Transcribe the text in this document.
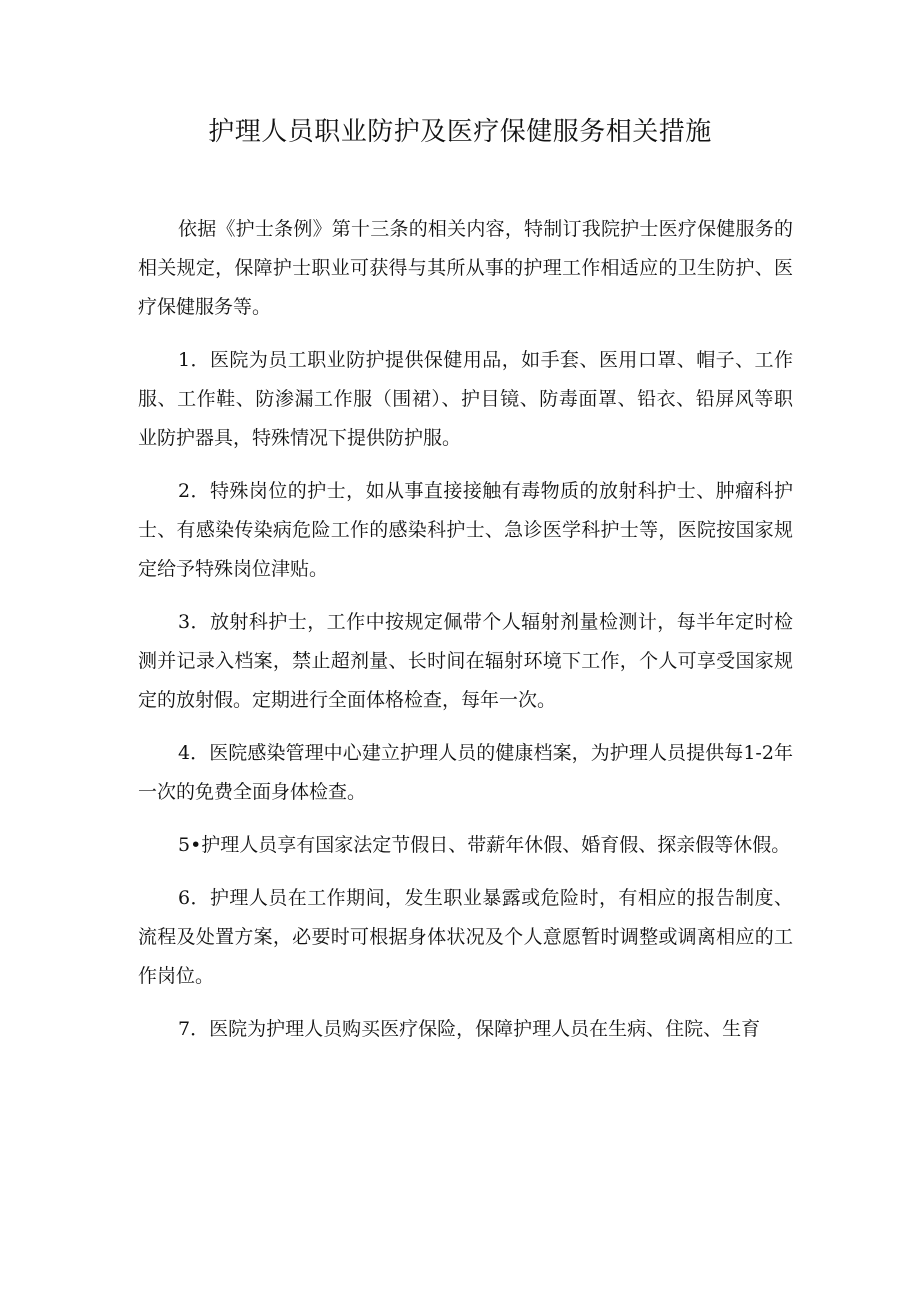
护理人员职业防护及医疗保健服务相关措施

依据《护士条例》第十三条的相关内容，特制订我院护士医疗保健服务的相关规定，保障护士职业可获得与其所从事的护理工作相适应的卫生防护、医疗保健服务等。

1．医院为员工职业防护提供保健用品，如手套、医用口罩、帽子、工作服、工作鞋、防渗漏工作服（围裙）、护目镜、防毒面罩、铅衣、铅屏风等职业防护器具，特殊情况下提供防护服。

2．特殊岗位的护士，如从事直接接触有毒物质的放射科护士、肿瘤科护士、有感染传染病危险工作的感染科护士、急诊医学科护士等，医院按国家规定给予特殊岗位津贴。

3．放射科护士，工作中按规定佩带个人辐射剂量检测计，每半年定时检测并记录入档案，禁止超剂量、长时间在辐射环境下工作，个人可享受国家规定的放射假。定期进行全面体格检查，每年一次。

4．医院感染管理中心建立护理人员的健康档案，为护理人员提供每1-2年一次的免费全面身体检查。

5•护理人员享有国家法定节假日、带薪年休假、婚育假、探亲假等休假。

6．护理人员在工作期间，发生职业暴露或危险时，有相应的报告制度、流程及处置方案，必要时可根据身体状况及个人意愿暂时调整或调离相应的工作岗位。

7．医院为护理人员购买医疗保险，保障护理人员在生病、住院、生育
